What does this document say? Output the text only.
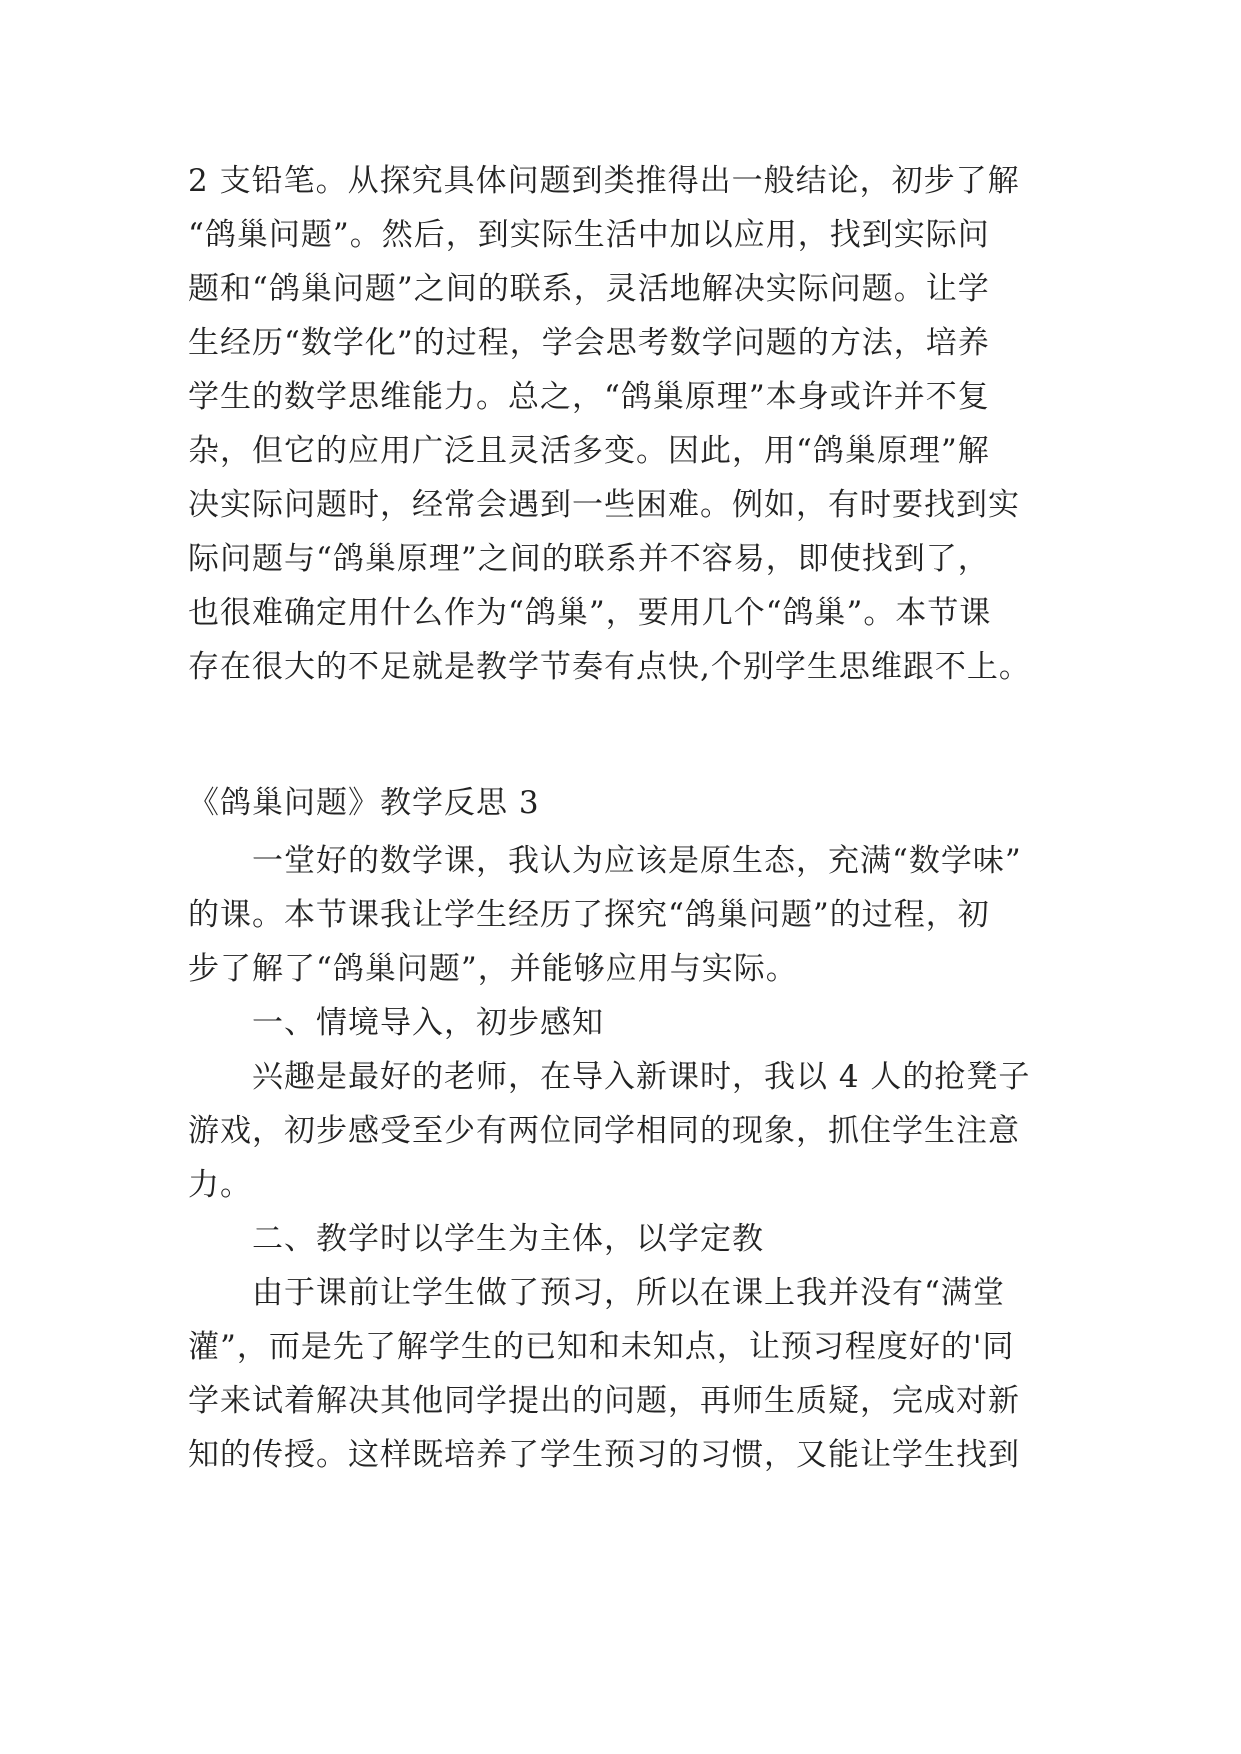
2 支铅笔。从探究具体问题到类推得出一般结论，初步了解
“鸽巢问题”。然后，到实际生活中加以应用，找到实际问
题和“鸽巢问题”之间的联系，灵活地解决实际问题。让学
生经历“数学化”的过程，学会思考数学问题的方法，培养
学生的数学思维能力。总之，“鸽巢原理”本身或许并不复
杂，但它的应用广泛且灵活多变。因此，用“鸽巢原理”解
决实际问题时，经常会遇到一些困难。例如，有时要找到实
际问题与“鸽巢原理”之间的联系并不容易，即使找到了，
也很难确定用什么作为“鸽巢”，要用几个“鸽巢”。本节课
存在很大的不足就是教学节奏有点快,个别学生思维跟不上。
《鸽巢问题》教学反思 3
　　一堂好的数学课，我认为应该是原生态，充满“数学味”
的课。本节课我让学生经历了探究“鸽巢问题”的过程，初
步了解了“鸽巢问题”，并能够应用与实际。
　　一、情境导入，初步感知
　　兴趣是最好的老师，在导入新课时，我以 4 人的抢凳子
游戏，初步感受至少有两位同学相同的现象，抓住学生注意
力。
　　二、教学时以学生为主体，以学定教
　　由于课前让学生做了预习，所以在课上我并没有“满堂
灌”，而是先了解学生的已知和未知点，让预习程度好的'同
学来试着解决其他同学提出的问题，再师生质疑，完成对新
知的传授。这样既培养了学生预习的习惯，又能让学生找到
